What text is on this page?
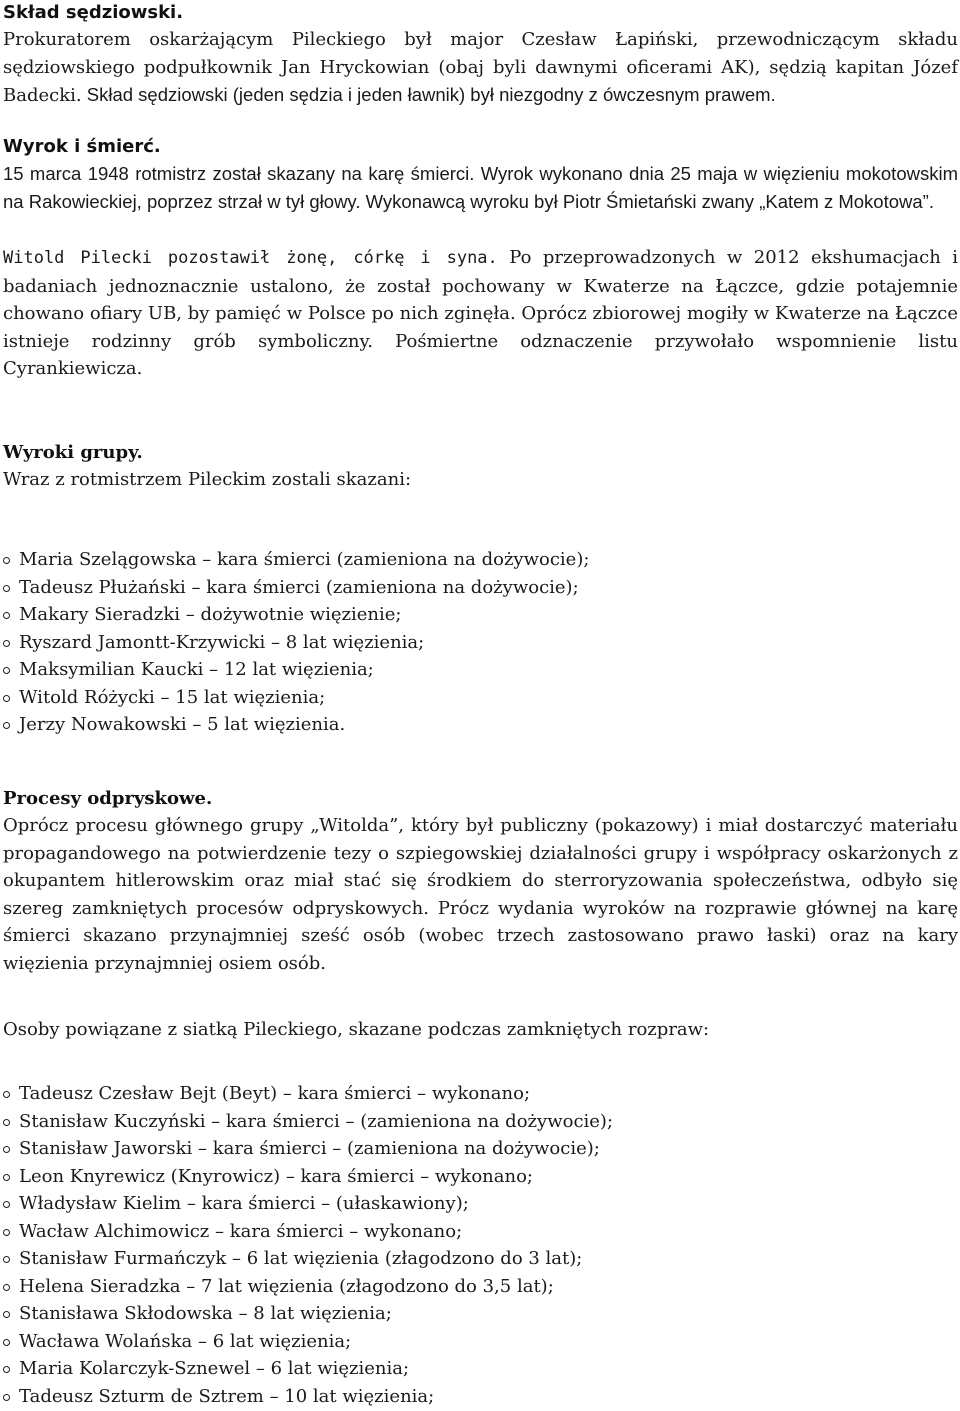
Skład sędziowski.

Prokuratorem oskarżającym Pileckiego był major Czesław Łapiński, przewodniczącym składu sędziowskiego podpułkownik Jan Hryckowian (obaj byli dawnymi oficerami AK), sędzią kapitan Józef Badecki. Skład sędziowski (jeden sędzia i jeden ławnik) był niezgodny z ówczesnym prawem.

Wyrok i śmierć.

15 marca 1948 rotmistrz został skazany na karę śmierci. Wyrok wykonano dnia 25 maja w więzieniu mokotowskim na Rakowieckiej, poprzez strzał w tył głowy. Wykonawcą wyroku był Piotr Śmietański zwany „Katem z Mokotowa”.

Witold Pilecki pozostawił żonę, córkę i syna. Po przeprowadzonych w 2012 ekshumacjach i badaniach jednoznacznie ustalono, że został pochowany w Kwaterze na Łączce, gdzie potajemnie chowano ofiary UB, by pamięć w Polsce po nich zginęła. Oprócz zbiorowej mogiły w Kwaterze na Łączce istnieje rodzinny grób symboliczny. Pośmiertne odznaczenie przywołało wspomnienie listu Cyrankiewicza.

Wyroki grupy.

Wraz z rotmistrzem Pileckim zostali skazani:

Maria Szelągowska – kara śmierci (zamieniona na dożywocie);
Tadeusz Płużański – kara śmierci (zamieniona na dożywocie);
Makary Sieradzki – dożywotnie więzienie;
Ryszard Jamontt-Krzywicki – 8 lat więzienia;
Maksymilian Kaucki – 12 lat więzienia;
Witold Różycki – 15 lat więzienia;
Jerzy Nowakowski – 5 lat więzienia.
Procesy odpryskowe.

Oprócz procesu głównego grupy „Witolda”, który był publiczny (pokazowy) i miał dostarczyć materiału propagandowego na potwierdzenie tezy o szpiegowskiej działalności grupy i współpracy oskarżonych z okupantem hitlerowskim oraz miał stać się środkiem do sterroryzowania społeczeństwa, odbyło się szereg zamkniętych procesów odpryskowych. Prócz wydania wyroków na rozprawie głównej na karę śmierci skazano przynajmniej sześć osób (wobec trzech zastosowano prawo łaski) oraz na kary więzienia przynajmniej osiem osób.

Osoby powiązane z siatką Pileckiego, skazane podczas zamkniętych rozpraw:

Tadeusz Czesław Bejt (Beyt) – kara śmierci – wykonano;
Stanisław Kuczyński – kara śmierci – (zamieniona na dożywocie);
Stanisław Jaworski – kara śmierci – (zamieniona na dożywocie);
Leon Knyrewicz (Knyrowicz) – kara śmierci – wykonano;
Władysław Kielim – kara śmierci – (ułaskawiony);
Wacław Alchimowicz – kara śmierci – wykonano;
Stanisław Furmańczyk – 6 lat więzienia (złagodzono do 3 lat);
Helena Sieradzka – 7 lat więzienia (złagodzono do 3,5 lat);
Stanisława Skłodowska – 8 lat więzienia;
Wacława Wolańska – 6 lat więzienia;
Maria Kolarczyk-Sznewel – 6 lat więzienia;
Tadeusz Szturm de Sztrem – 10 lat więzienia;
